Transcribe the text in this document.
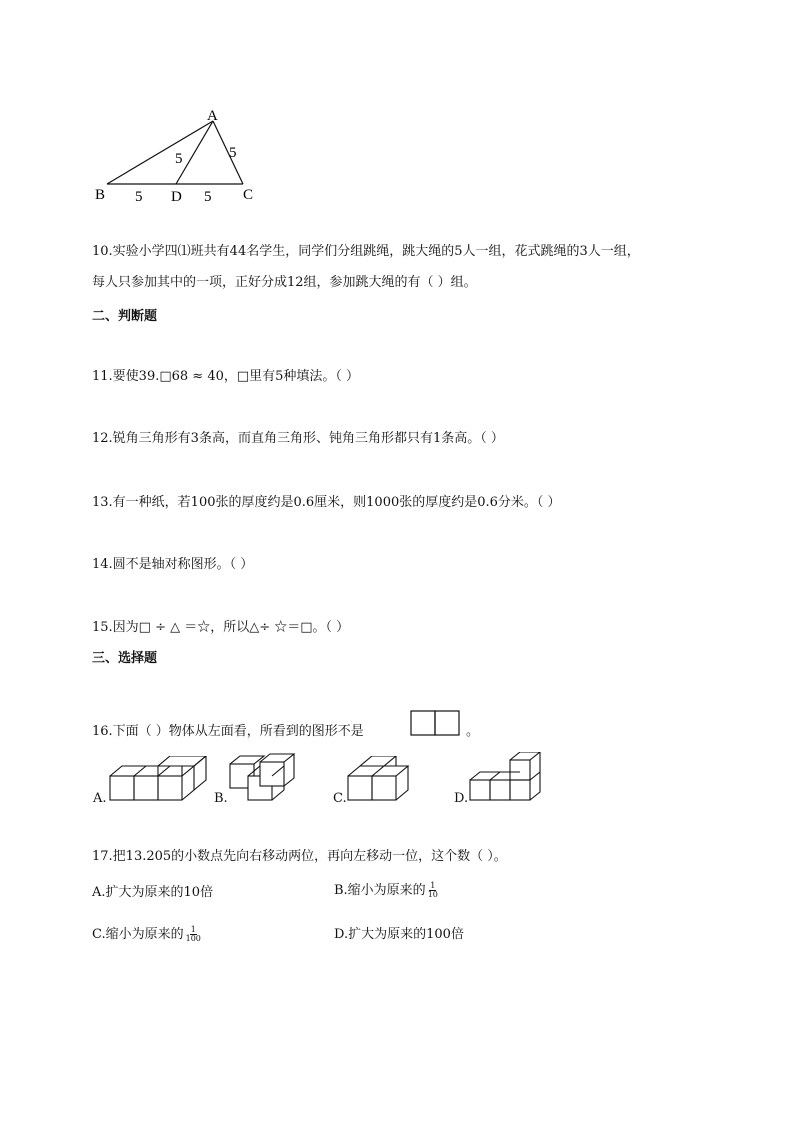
A
B	D	C
5	5
5	5
10.实验小学四⑴班共有44名学生，同学们分组跳绳，跳大绳的5人一组，花式跳绳的3人一组，
每人只参加其中的一项，正好分成12组，参加跳大绳的有（ ）组。
二、判断题
11.要使39.□68 ≈ 40，□里有5种填法。（ ）
12.锐角三角形有3条高，而直角三角形、钝角三角形都只有1条高。（ ）
13.有一种纸，若100张的厚度约是0.6厘米，则1000张的厚度约是0.6分米。（ ）
14.圆不是轴对称图形。（ ）
15.因为□ ÷ △ ＝☆，所以△÷ ☆＝□。（ ）
三、选择题
16.下面（ ）物体从左面看，所看到的图形不是	。
A.	B.	C.	D.
17.把13.205的小数点先向右移动两位，再向左移动一位，这个数（ ）。
A.扩大为原来的10倍	B.缩小为原来的 $\frac{1}{10}$
C.缩小为原来的 $\frac{1}{100}$	D.扩大为原来的100倍
